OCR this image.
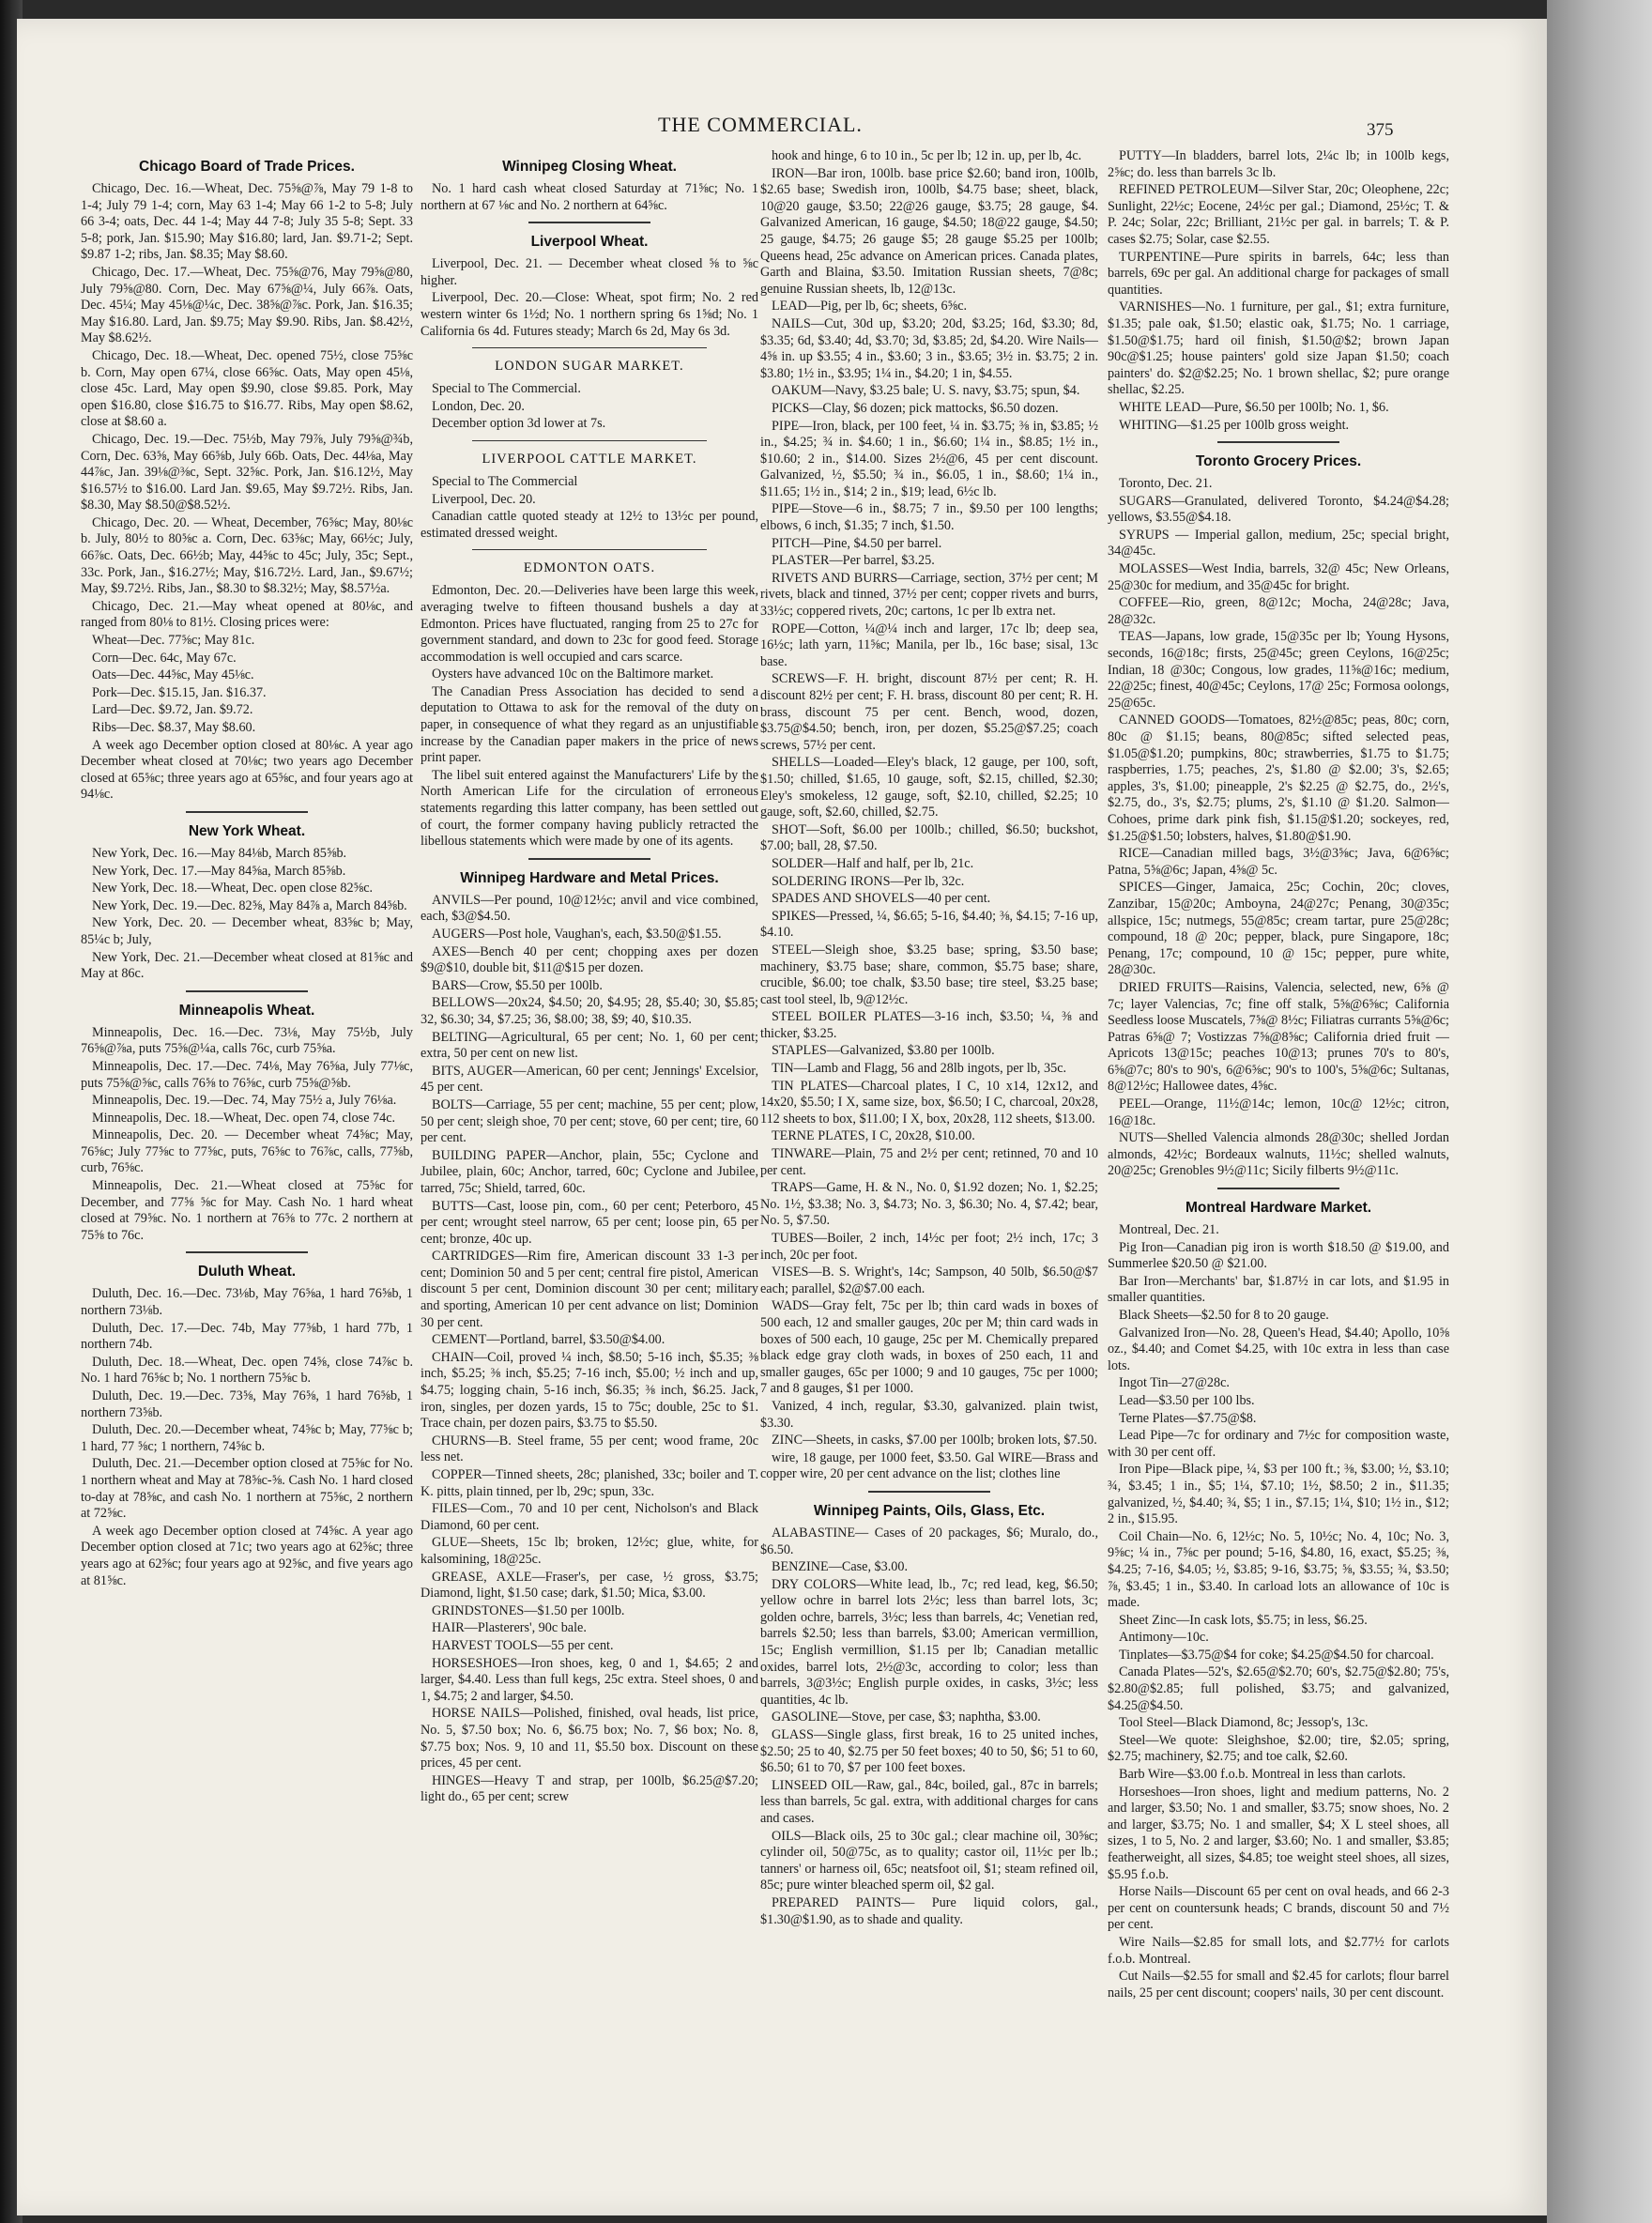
THE COMMERCIAL.	375
Chicago Board of Trade Prices.

Chicago, Dec. 16.—Wheat, Dec. 75⅝@⅞, May 79 1-8 to 1-4; July 79 1-4; corn, May 63 1-4; May 66 1-2 to 5-8; July 66 3-4; oats, Dec. 44 1-4; May 44 7-8; July 35 5-8; Sept. 33 5-8; pork, Jan. $15.90; May $16.80; lard, Jan. $9.71-2; Sept. $9.87 1-2; ribs, Jan. $8.35; May $8.60.

Chicago, Dec. 17.—Wheat, Dec. 75⅝@76, May 79⅝@80, July 79⅝@80. Corn, Dec. May 67⅝@¼, July 66⅞. Oats, Dec. 45¼; May 45⅛@¼c, Dec. 38⅝@⅞c. Pork, Jan. $16.35; May $16.80. Lard, Jan. $9.75; May $9.90. Ribs, Jan. $8.42½, May $8.62½.

Chicago, Dec. 18.—Wheat, Dec. opened 75½, close 75⅝c b. Corn, May open 67¼, close 66⅝c. Oats, May open 45⅛, close 45c. Lard, May open $9.90, close $9.85. Pork, May open $16.80, close $16.75 to $16.77. Ribs, May open $8.62, close at $8.60 a.

Chicago, Dec. 19.—Dec. 75½b, May 79⅞, July 79⅝@¾b, Corn, Dec. 63⅝, May 66⅝b, July 66b. Oats, Dec. 44⅛a, May 44⅞c, Jan. 39⅛@⅜c, Sept. 32⅝c. Pork, Jan. $16.12½, May $16.57½ to $16.00. Lard Jan. $9.65, May $9.72½. Ribs, Jan. $8.30, May $8.50@$8.52½.

Chicago, Dec. 20. — Wheat, December, 76⅝c; May, 80⅛c b. July, 80½ to 80⅝c a. Corn, Dec. 63⅝c; May, 66½c; July, 66⅞c. Oats, Dec. 66½b; May, 44⅝c to 45c; July, 35c; Sept., 33c. Pork, Jan., $16.27½; May, $16.72½. Lard, Jan., $9.67½; May, $9.72½. Ribs, Jan., $8.30 to $8.32½; May, $8.57½a.

Chicago, Dec. 21.—May wheat opened at 80⅛c, and ranged from 80⅛ to 81½. Closing prices were:

Wheat—Dec. 77⅝c; May 81c.

Corn—Dec. 64c, May 67c.

Oats—Dec. 44⅝c, May 45⅛c.

Pork—Dec. $15.15, Jan. $16.37.

Lard—Dec. $9.72, Jan. $9.72.

Ribs—Dec. $8.37, May $8.60.

A week ago December option closed at 80⅛c. A year ago December wheat closed at 70⅛c; two years ago December closed at 65⅝c; three years ago at 65⅝c, and four years ago at 94⅛c.

New York Wheat.

New York, Dec. 16.—May 84⅛b, March 85⅝b.

New York, Dec. 17.—May 84⅝a, March 85⅝b.

New York, Dec. 18.—Wheat, Dec. open close 82⅝c.

New York, Dec. 19.—Dec. 82⅝, May 84⅞ a, March 84⅝b.

New York, Dec. 20. — December wheat, 83⅝c b; May, 85¼c b; July,

New York, Dec. 21.—December wheat closed at 81⅝c and May at 86c.

Minneapolis Wheat.

Minneapolis, Dec. 16.—Dec. 73⅛, May 75½b, July 76⅝@⅞a, puts 75⅝@¼a, calls 76c, curb 75⅝a.

Minneapolis, Dec. 17.—Dec. 74⅛, May 76⅝a, July 77⅛c, puts 75⅝@⅝c, calls 76⅝ to 76⅝c, curb 75⅝@⅝b.

Minneapolis, Dec. 19.—Dec. 74, May 75½ a, July 76⅛a.

Minneapolis, Dec. 18.—Wheat, Dec. open 74, close 74c.

Minneapolis, Dec. 20. — December wheat 74⅝c; May, 76⅝c; July 77⅝c to 77⅝c, puts, 76⅝c to 76⅞c, calls, 77⅝b, curb, 76⅝c.

Minneapolis, Dec. 21.—Wheat closed at 75⅝c for December, and 77⅝ ⅝c for May. Cash No. 1 hard wheat closed at 79⅝c. No. 1 northern at 76⅝ to 77c. 2 northern at 75⅝ to 76c.

Duluth Wheat.

Duluth, Dec. 16.—Dec. 73⅛b, May 76⅝a, 1 hard 76⅝b, 1 northern 73⅛b.

Duluth, Dec. 17.—Dec. 74b, May 77⅝b, 1 hard 77b, 1 northern 74b.

Duluth, Dec. 18.—Wheat, Dec. open 74⅝, close 74⅞c b. No. 1 hard 76⅝c b; No. 1 northern 75⅝c b.

Duluth, Dec. 19.—Dec. 73⅝, May 76⅝, 1 hard 76⅝b, 1 northern 73⅝b.

Duluth, Dec. 20.—December wheat, 74⅝c b; May, 77⅝c b; 1 hard, 77 ⅝c; 1 northern, 74⅝c b.

Duluth, Dec. 21.—December option closed at 75⅝c for No. 1 northern wheat and May at 78⅝c-⅝. Cash No. 1 hard closed to-day at 78⅝c, and cash No. 1 northern at 75⅝c, 2 northern at 72⅝c.

A week ago December option closed at 74⅝c. A year ago December option closed at 71c; two years ago at 62⅝c; three years ago at 62⅝c; four years ago at 92⅝c, and five years ago at 81⅝c.

Winnipeg Closing Wheat.

No. 1 hard cash wheat closed Saturday at 71⅝c; No. 1 northern at 67 ⅛c and No. 2 northern at 64⅝c.

Liverpool Wheat.

Liverpool, Dec. 21. — December wheat closed ⅝ to ⅝c higher.

Liverpool, Dec. 20.—Close: Wheat, spot firm; No. 2 red western winter 6s 1½d; No. 1 northern spring 6s 1⅝d; No. 1 California 6s 4d. Futures steady; March 6s 2d, May 6s 3d.

LONDON SUGAR MARKET.

Special to The Commercial.

London, Dec. 20.

December option 3d lower at 7s.

LIVERPOOL CATTLE MARKET.

Special to The Commercial

Liverpool, Dec. 20.

Canadian cattle quoted steady at 12½ to 13½c per pound, estimated dressed weight.

EDMONTON OATS.

Edmonton, Dec. 20.—Deliveries have been large this week, averaging twelve to fifteen thousand bushels a day at Edmonton. Prices have fluctuated, ranging from 25 to 27c for government standard, and down to 23c for good feed. Storage accommodation is well occupied and cars scarce.

Oysters have advanced 10c on the Baltimore market.

The Canadian Press Association has decided to send a deputation to Ottawa to ask for the removal of the duty on paper, in consequence of what they regard as an unjustifiable increase by the Canadian paper makers in the price of news print paper.

The libel suit entered against the Manufacturers' Life by the North American Life for the circulation of erroneous statements regarding this latter company, has been settled out of court, the former company having publicly retracted the libellous statements which were made by one of its agents.

Winnipeg Hardware and Metal Prices.

ANVILS—Per pound, 10@12½c; anvil and vice combined, each, $3@$4.50.

AUGERS—Post hole, Vaughan's, each, $3.50@$1.55.

AXES—Bench 40 per cent; chopping axes per dozen $9@$10, double bit, $11@$15 per dozen.

BARS—Crow, $5.50 per 100lb.

BELLOWS—20x24, $4.50; 20, $4.95; 28, $5.40; 30, $5.85; 32, $6.30; 34, $7.25; 36, $8.00; 38, $9; 40, $10.35.

BELTING—Agricultural, 65 per cent; No. 1, 60 per cent; extra, 50 per cent on new list.

BITS, AUGER—American, 60 per cent; Jennings' Excelsior, 45 per cent.

BOLTS—Carriage, 55 per cent; machine, 55 per cent; plow, 50 per cent; sleigh shoe, 70 per cent; stove, 60 per cent; tire, 60 per cent.

BUILDING PAPER—Anchor, plain, 55c; Cyclone and Jubilee, plain, 60c; Anchor, tarred, 60c; Cyclone and Jubilee, tarred, 75c; Shield, tarred, 60c.

BUTTS—Cast, loose pin, com., 60 per cent; Peterboro, 45 per cent; wrought steel narrow, 65 per cent; loose pin, 65 per cent; bronze, 40c up.

CARTRIDGES—Rim fire, American discount 33 1-3 per cent; Dominion 50 and 5 per cent; central fire pistol, American discount 5 per cent, Dominion discount 30 per cent; military and sporting, American 10 per cent advance on list; Dominion 30 per cent.

CEMENT—Portland, barrel, $3.50@$4.00.

CHAIN—Coil, proved ¼ inch, $8.50; 5-16 inch, $5.35; ⅜ inch, $5.25; ⅜ inch, $5.25; 7-16 inch, $5.00; ½ inch and up, $4.75; logging chain, 5-16 inch, $6.35; ⅜ inch, $6.25. Jack, iron, singles, per dozen yards, 15 to 75c; double, 25c to $1. Trace chain, per dozen pairs, $3.75 to $5.50.

CHURNS—B. Steel frame, 55 per cent; wood frame, 20c less net.

COPPER—Tinned sheets, 28c; planished, 33c; boiler and T. K. pitts, plain tinned, per lb, 29c; spun, 33c.

FILES—Com., 70 and 10 per cent, Nicholson's and Black Diamond, 60 per cent.

GLUE—Sheets, 15c lb; broken, 12½c; glue, white, for kalsomining, 18@25c.

GREASE, AXLE—Fraser's, per case, ½ gross, $3.75; Diamond, light, $1.50 case; dark, $1.50; Mica, $3.00.

GRINDSTONES—$1.50 per 100lb.

HAIR—Plasterers', 90c bale.

HARVEST TOOLS—55 per cent.

HORSESHOES—Iron shoes, keg, 0 and 1, $4.65; 2 and larger, $4.40. Less than full kegs, 25c extra. Steel shoes, 0 and 1, $4.75; 2 and larger, $4.50.

HORSE NAILS—Polished, finished, oval heads, list price, No. 5, $7.50 box; No. 6, $6.75 box; No. 7, $6 box; No. 8, $7.75 box; Nos. 9, 10 and 11, $5.50 box. Discount on these prices, 45 per cent.

HINGES—Heavy T and strap, per 100lb, $6.25@$7.20; light do., 65 per cent; screw

hook and hinge, 6 to 10 in., 5c per lb; 12 in. up, per lb, 4c.

IRON—Bar iron, 100lb. base price $2.60; band iron, 100lb, $2.65 base; Swedish iron, 100lb, $4.75 base; sheet, black, 10@20 gauge, $3.50; 22@26 gauge, $3.75; 28 gauge, $4. Galvanized American, 16 gauge, $4.50; 18@22 gauge, $4.50; 25 gauge, $4.75; 26 gauge $5; 28 gauge $5.25 per 100lb; Queens head, 25c advance on American prices. Canada plates, Garth and Blaina, $3.50. Imitation Russian sheets, 7@8c; genuine Russian sheets, lb, 12@13c.

LEAD—Pig, per lb, 6c; sheets, 6⅝c.

NAILS—Cut, 30d up, $3.20; 20d, $3.25; 16d, $3.30; 8d, $3.35; 6d, $3.40; 4d, $3.70; 3d, $3.85; 2d, $4.20. Wire Nails—4⅝ in. up $3.55; 4 in., $3.60; 3 in., $3.65; 3½ in. $3.75; 2 in. $3.80; 1½ in., $3.95; 1¼ in., $4.20; 1 in, $4.55.

OAKUM—Navy, $3.25 bale; U. S. navy, $3.75; spun, $4.

PICKS—Clay, $6 dozen; pick mattocks, $6.50 dozen.

PIPE—Iron, black, per 100 feet, ¼ in. $3.75; ⅜ in, $3.85; ½ in., $4.25; ¾ in. $4.60; 1 in., $6.60; 1¼ in., $8.85; 1½ in., $10.60; 2 in., $14.00. Sizes 2½@6, 45 per cent discount. Galvanized, ½, $5.50; ¾ in., $6.05, 1 in., $8.60; 1¼ in., $11.65; 1½ in., $14; 2 in., $19; lead, 6½c lb.

PIPE—Stove—6 in., $8.75; 7 in., $9.50 per 100 lengths; elbows, 6 inch, $1.35; 7 inch, $1.50.

PITCH—Pine, $4.50 per barrel.

PLASTER—Per barrel, $3.25.

RIVETS AND BURRS—Carriage, section, 37½ per cent; M rivets, black and tinned, 37½ per cent; copper rivets and burrs, 33½c; coppered rivets, 20c; cartons, 1c per lb extra net.

ROPE—Cotton, ¼@¼ inch and larger, 17c lb; deep sea, 16½c; lath yarn, 11⅝c; Manila, per lb., 16c base; sisal, 13c base.

SCREWS—F. H. bright, discount 87½ per cent; R. H. discount 82½ per cent; F. H. brass, discount 80 per cent; R. H. brass, discount 75 per cent. Bench, wood, dozen, $3.75@$4.50; bench, iron, per dozen, $5.25@$7.25; coach screws, 57½ per cent.

SHELLS—Loaded—Eley's black, 12 gauge, per 100, soft, $1.50; chilled, $1.65, 10 gauge, soft, $2.15, chilled, $2.30; Eley's smokeless, 12 gauge, soft, $2.10, chilled, $2.25; 10 gauge, soft, $2.60, chilled, $2.75.

SHOT—Soft, $6.00 per 100lb.; chilled, $6.50; buckshot, $7.00; ball, 28, $7.50.

SOLDER—Half and half, per lb, 21c.

SOLDERING IRONS—Per lb, 32c.

SPADES AND SHOVELS—40 per cent.

SPIKES—Pressed, ¼, $6.65; 5-16, $4.40; ⅜, $4.15; 7-16 up, $4.10.

STEEL—Sleigh shoe, $3.25 base; spring, $3.50 base; machinery, $3.75 base; share, common, $5.75 base; share, crucible, $6.00; toe chalk, $3.50 base; tire steel, $3.25 base; cast tool steel, lb, 9@12½c.

STEEL BOILER PLATES—3-16 inch, $3.50; ¼, ⅜ and thicker, $3.25.

STAPLES—Galvanized, $3.80 per 100lb.

TIN—Lamb and Flagg, 56 and 28lb ingots, per lb, 35c.

TIN PLATES—Charcoal plates, I C, 10 x14, 12x12, and 14x20, $5.50; I X, same size, box, $6.50; I C, charcoal, 20x28, 112 sheets to box, $11.00; I X, box, 20x28, 112 sheets, $13.00.

TERNE PLATES, I C, 20x28, $10.00.

TINWARE—Plain, 75 and 2½ per cent; retinned, 70 and 10 per cent.

TRAPS—Game, H. & N., No. 0, $1.92 dozen; No. 1, $2.25; No. 1½, $3.38; No. 3, $4.73; No. 3, $6.30; No. 4, $7.42; bear, No. 5, $7.50.

TUBES—Boiler, 2 inch, 14½c per foot; 2½ inch, 17c; 3 inch, 20c per foot.

VISES—B. S. Wright's, 14c; Sampson, 40 50lb, $6.50@$7 each; parallel, $2@$7.00 each.

WADS—Gray felt, 75c per lb; thin card wads in boxes of 500 each, 12 and smaller gauges, 20c per M; thin card wads in boxes of 500 each, 10 gauge, 25c per M. Chemically prepared black edge gray cloth wads, in boxes of 250 each, 11 and smaller gauges, 65c per 1000; 9 and 10 gauges, 75c per 1000; 7 and 8 gauges, $1 per 1000.

Vanized, 4 inch, regular, $3.30, galvanized. plain twist, $3.30.

ZINC—Sheets, in casks, $7.00 per 100lb; broken lots, $7.50.

wire, 18 gauge, per 1000 feet, $3.50. Gal WIRE—Brass and copper wire, 20 per cent advance on the list; clothes line

Winnipeg Paints, Oils, Glass, Etc.

ALABASTINE— Cases of 20 packages, $6; Muralo, do., $6.50.

BENZINE—Case, $3.00.

DRY COLORS—White lead, lb., 7c; red lead, keg, $6.50; yellow ochre in barrel lots 2½c; less than barrel lots, 3c; golden ochre, barrels, 3½c; less than barrels, 4c; Venetian red, barrels $2.50; less than barrels, $3.00; American vermillion, 15c; English vermillion, $1.15 per lb; Canadian metallic oxides, barrel lots, 2½@3c, according to color; less than barrels, 3@3½c; English purple oxides, in casks, 3½c; less quantities, 4c lb.

GASOLINE—Stove, per case, $3; naphtha, $3.00.

GLASS—Single glass, first break, 16 to 25 united inches, $2.50; 25 to 40, $2.75 per 50 feet boxes; 40 to 50, $6; 51 to 60, $6.50; 61 to 70, $7 per 100 feet boxes.

LINSEED OIL—Raw, gal., 84c, boiled, gal., 87c in barrels; less than barrels, 5c gal. extra, with additional charges for cans and cases.

OILS—Black oils, 25 to 30c gal.; clear machine oil, 30⅝c; cylinder oil, 50@75c, as to quality; castor oil, 11½c per lb.; tanners' or harness oil, 65c; neatsfoot oil, $1; steam refined oil, 85c; pure winter bleached sperm oil, $2 gal.

PREPARED PAINTS— Pure liquid colors, gal., $1.30@$1.90, as to shade and quality.

PUTTY—In bladders, barrel lots, 2¼c lb; in 100lb kegs, 2⅝c; do. less than barrels 3c lb.

REFINED PETROLEUM—Silver Star, 20c; Oleophene, 22c; Sunlight, 22½c; Eocene, 24½c per gal.; Diamond, 25½c; T. & P. 24c; Solar, 22c; Brilliant, 21½c per gal. in barrels; T. & P. cases $2.75; Solar, case $2.55.

TURPENTINE—Pure spirits in barrels, 64c; less than barrels, 69c per gal. An additional charge for packages of small quantities.

VARNISHES—No. 1 furniture, per gal., $1; extra furniture, $1.35; pale oak, $1.50; elastic oak, $1.75; No. 1 carriage, $1.50@$1.75; hard oil finish, $1.50@$2; brown Japan 90c@$1.25; house painters' gold size Japan $1.50; coach painters' do. $2@$2.25; No. 1 brown shellac, $2; pure orange shellac, $2.25.

WHITE LEAD—Pure, $6.50 per 100lb; No. 1, $6.

WHITING—$1.25 per 100lb gross weight.

Toronto Grocery Prices.

Toronto, Dec. 21.

SUGARS—Granulated, delivered Toronto, $4.24@$4.28; yellows, $3.55@$4.18.

SYRUPS — Imperial gallon, medium, 25c; special bright, 34@45c.

MOLASSES—West India, barrels, 32@ 45c; New Orleans, 25@30c for medium, and 35@45c for bright.

COFFEE—Rio, green, 8@12c; Mocha, 24@28c; Java, 28@32c.

TEAS—Japans, low grade, 15@35c per lb; Young Hysons, seconds, 16@18c; firsts, 25@45c; green Ceylons, 16@25c; Indian, 18 @30c; Congous, low grades, 11⅝@16c; medium, 22@25c; finest, 40@45c; Ceylons, 17@ 25c; Formosa oolongs, 25@65c.

CANNED GOODS—Tomatoes, 82½@85c; peas, 80c; corn, 80c @ $1.15; beans, 80@85c; sifted selected peas, $1.05@$1.20; pumpkins, 80c; strawberries, $1.75 to $1.75; raspberries, 1.75; peaches, 2's, $1.80 @ $2.00; 3's, $2.65; apples, 3's, $1.00; pineapple, 2's $2.25 @ $2.75, do., 2½'s, $2.75, do., 3's, $2.75; plums, 2's, $1.10 @ $1.20. Salmon—Cohoes, prime dark pink fish, $1.15@$1.20; sockeyes, red, $1.25@$1.50; lobsters, halves, $1.80@$1.90.

RICE—Canadian milled bags, 3½@3⅝c; Java, 6@6⅝c; Patna, 5⅝@6c; Japan, 4⅝@ 5c.

SPICES—Ginger, Jamaica, 25c; Cochin, 20c; cloves, Zanzibar, 15@20c; Amboyna, 24@27c; Penang, 30@35c; allspice, 15c; nutmegs, 55@85c; cream tartar, pure 25@28c; compound, 18 @ 20c; pepper, black, pure Singapore, 18c; Penang, 17c; compound, 10 @ 15c; pepper, pure white, 28@30c.

DRIED FRUITS—Raisins, Valencia, selected, new, 6⅝ @ 7c; layer Valencias, 7c; fine off stalk, 5⅝@6⅝c; California Seedless loose Muscatels, 7⅝@ 8½c; Filiatras currants 5⅝@6c; Patras 6⅝@ 7; Vostizzas 7⅝@8⅝c; California dried fruit —Apricots 13@15c; peaches 10@13; prunes 70's to 80's, 6⅝@7c; 80's to 90's, 6@6⅝c; 90's to 100's, 5⅝@6c; Sultanas, 8@12½c; Hallowee dates, 4⅝c.

PEEL—Orange, 11½@14c; lemon, 10c@ 12½c; citron, 16@18c.

NUTS—Shelled Valencia almonds 28@30c; shelled Jordan almonds, 42½c; Bordeaux walnuts, 11½c; shelled walnuts, 20@25c; Grenobles 9½@11c; Sicily filberts 9½@11c.

Montreal Hardware Market.

Montreal, Dec. 21.

Pig Iron—Canadian pig iron is worth $18.50 @ $19.00, and Summerlee $20.50 @ $21.00.

Bar Iron—Merchants' bar, $1.87½ in car lots, and $1.95 in smaller quantities.

Black Sheets—$2.50 for 8 to 20 gauge.

Galvanized Iron—No. 28, Queen's Head, $4.40; Apollo, 10⅝ oz., $4.40; and Comet $4.25, with 10c extra in less than case lots.

Ingot Tin—27@28c.

Lead—$3.50 per 100 lbs.

Terne Plates—$7.75@$8.

Lead Pipe—7c for ordinary and 7½c for composition waste, with 30 per cent off.

Iron Pipe—Black pipe, ¼, $3 per 100 ft.; ⅜, $3.00; ½, $3.10; ¾, $3.45; 1 in., $5; 1¼, $7.10; 1½, $8.50; 2 in., $11.35; galvanized, ½, $4.40; ¾, $5; 1 in., $7.15; 1¼, $10; 1½ in., $12; 2 in., $15.95.

Coil Chain—No. 6, 12½c; No. 5, 10½c; No. 4, 10c; No. 3, 9⅝c; ¼ in., 7⅝c per pound; 5-16, $4.80, 16, exact, $5.25; ⅜, $4.25; 7-16, $4.05; ½, $3.85; 9-16, $3.75; ⅝, $3.55; ¾, $3.50; ⅞, $3.45; 1 in., $3.40. In carload lots an allowance of 10c is made.

Sheet Zinc—In cask lots, $5.75; in less, $6.25.

Antimony—10c.

Tinplates—$3.75@$4 for coke; $4.25@$4.50 for charcoal.

Canada Plates—52's, $2.65@$2.70; 60's, $2.75@$2.80; 75's, $2.80@$2.85; full polished, $3.75; and galvanized, $4.25@$4.50.

Tool Steel—Black Diamond, 8c; Jessop's, 13c.

Steel—We quote: Sleighshoe, $2.00; tire, $2.05; spring, $2.75; machinery, $2.75; and toe calk, $2.60.

Barb Wire—$3.00 f.o.b. Montreal in less than carlots.

Horseshoes—Iron shoes, light and medium patterns, No. 2 and larger, $3.50; No. 1 and smaller, $3.75; snow shoes, No. 2 and larger, $3.75; No. 1 and smaller, $4; X L steel shoes, all sizes, 1 to 5, No. 2 and larger, $3.60; No. 1 and smaller, $3.85; featherweight, all sizes, $4.85; toe weight steel shoes, all sizes, $5.95 f.o.b.

Horse Nails—Discount 65 per cent on oval heads, and 66 2-3 per cent on countersunk heads; C brands, discount 50 and 7½ per cent.

Wire Nails—$2.85 for small lots, and $2.77½ for carlots f.o.b. Montreal.

Cut Nails—$2.55 for small and $2.45 for carlots; flour barrel nails, 25 per cent discount; coopers' nails, 30 per cent discount.
